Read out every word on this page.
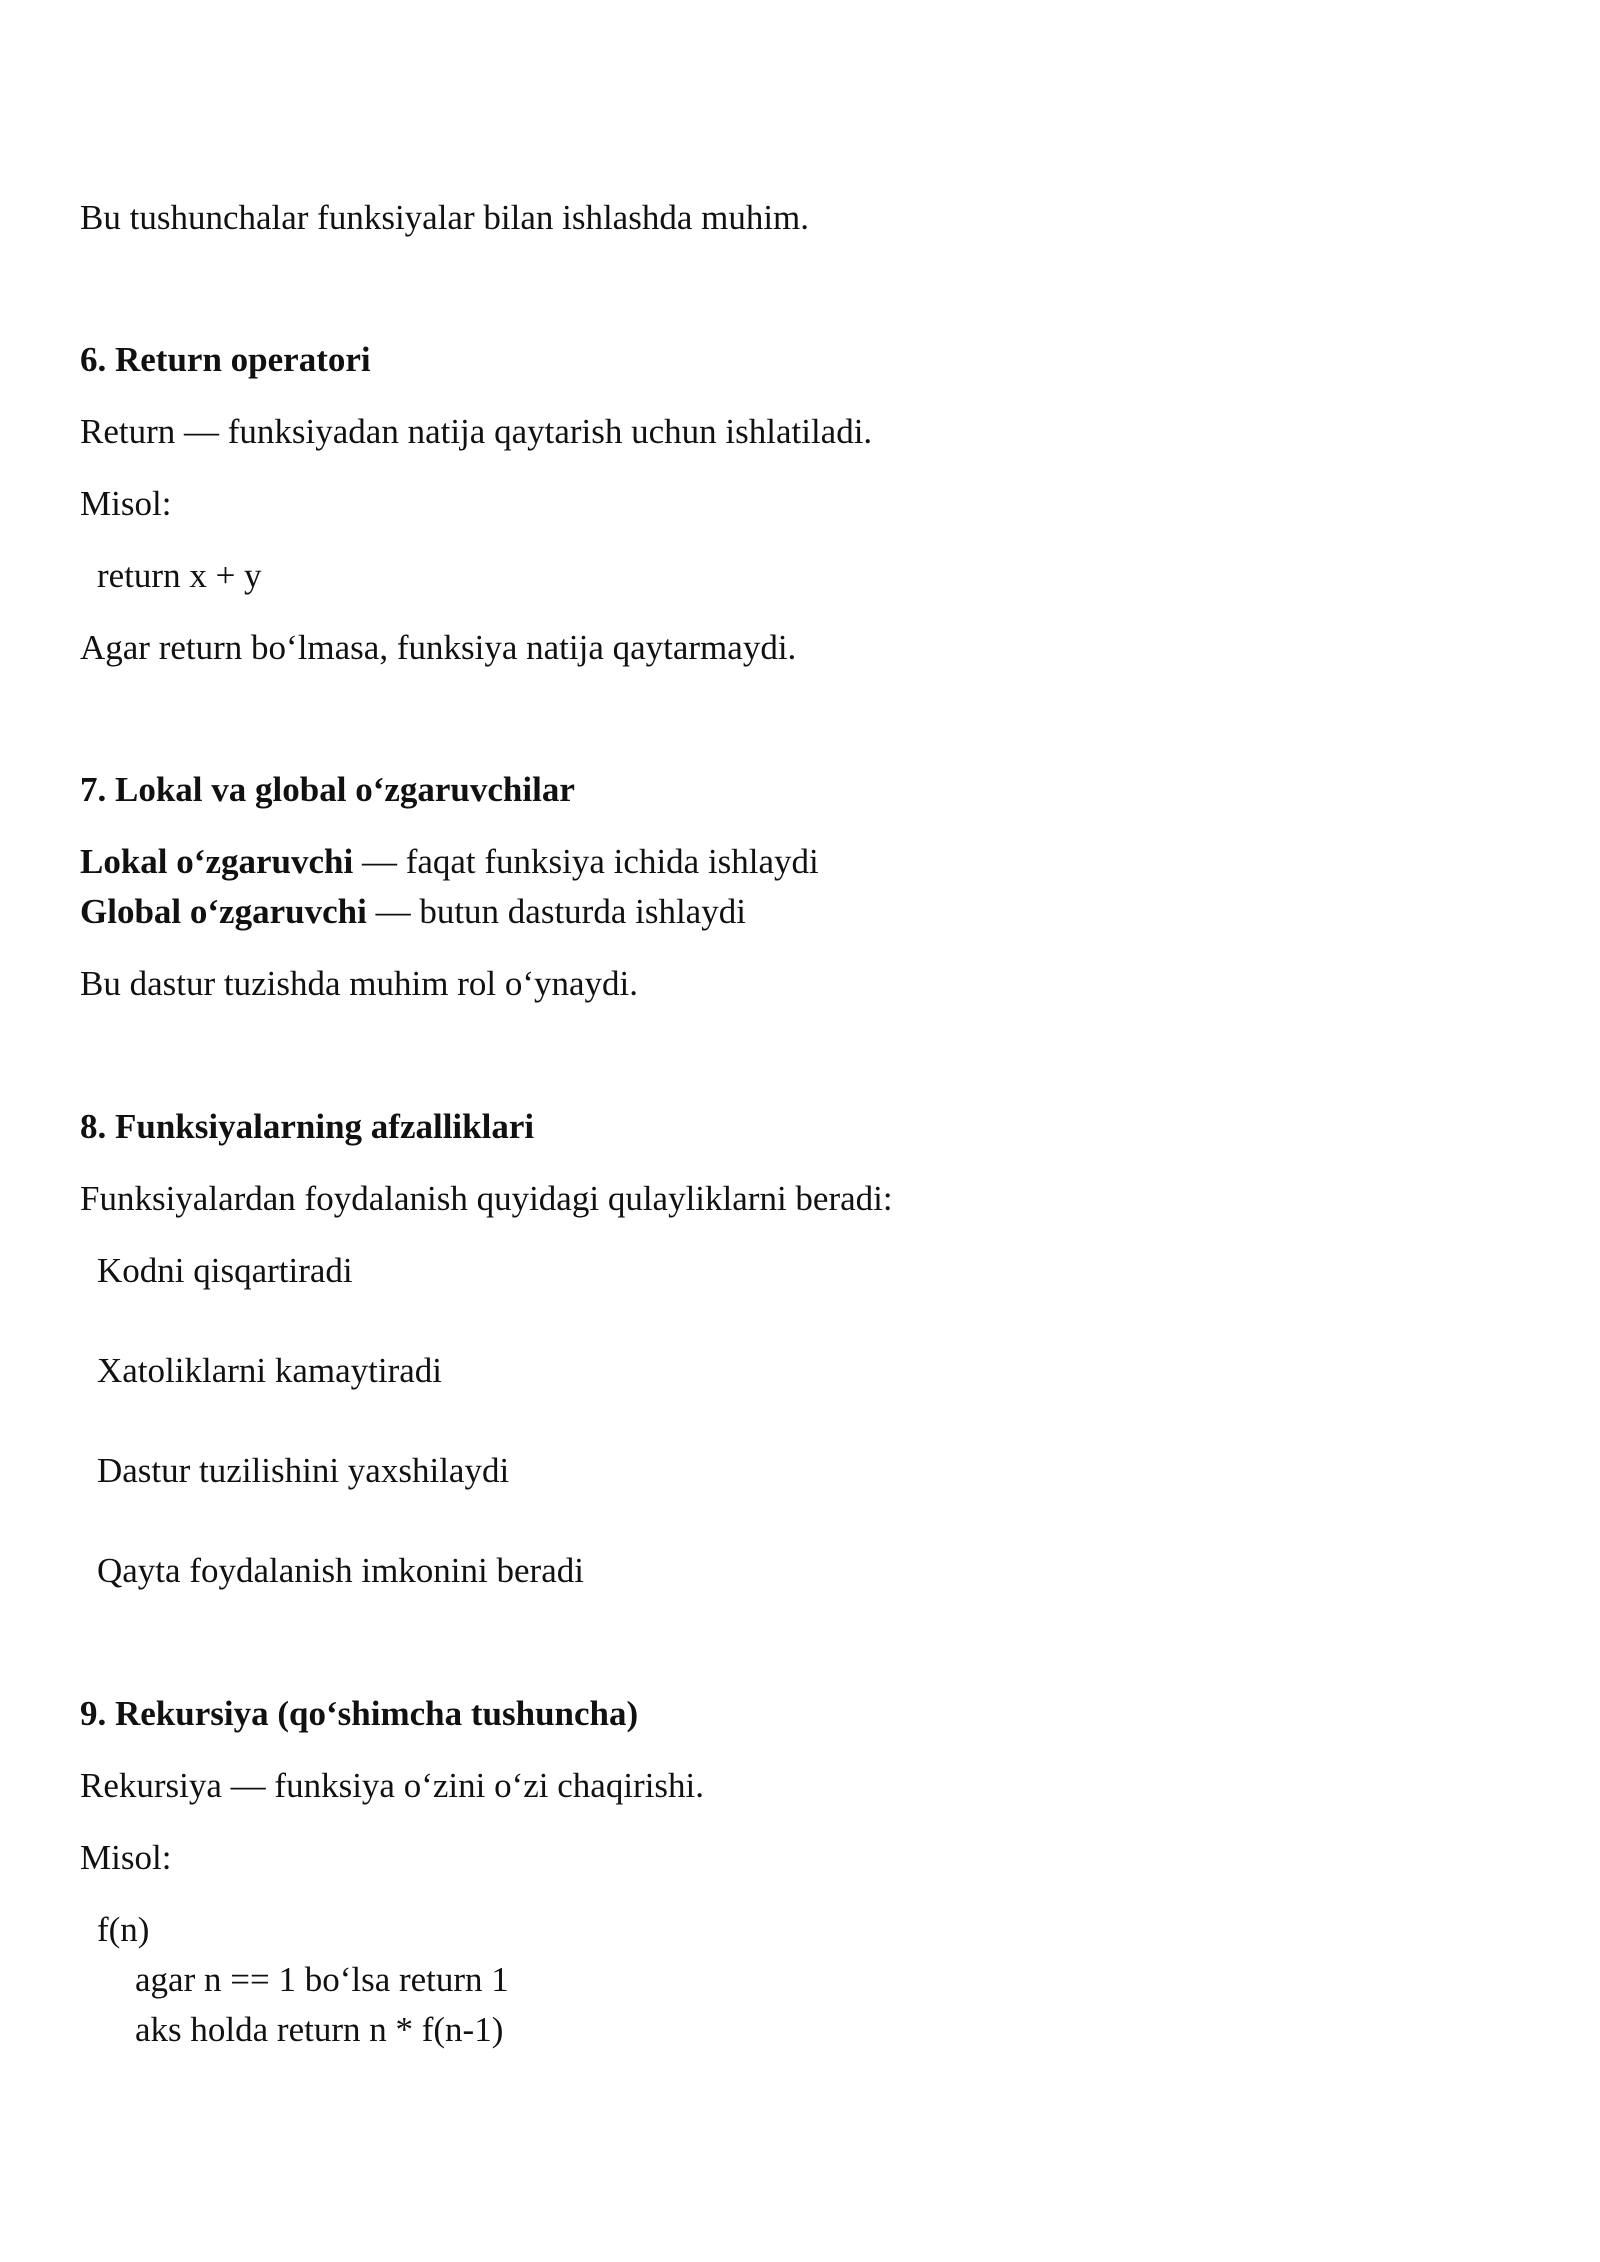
Bu tushunchalar funksiyalar bilan ishlashda muhim.

6. Return operatori

Return — funksiyadan natija qaytarish uchun ishlatiladi.

Misol:

return x + y

Agar return bo‘lmasa, funksiya natija qaytarmaydi.

7. Lokal va global o‘zgaruvchilar

Lokal o‘zgaruvchi — faqat funksiya ichida ishlaydi

Global o‘zgaruvchi — butun dasturda ishlaydi

Bu dastur tuzishda muhim rol o‘ynaydi.

8. Funksiyalarning afzalliklari

Funksiyalardan foydalanish quyidagi qulayliklarni beradi:

Kodni qisqartiradi

Xatoliklarni kamaytiradi

Dastur tuzilishini yaxshilaydi

Qayta foydalanish imkonini beradi

9. Rekursiya (qo‘shimcha tushuncha)

Rekursiya — funksiya o‘zini o‘zi chaqirishi.

Misol:

f(n)

agar n == 1 bo‘lsa return 1

aks holda return n * f(n-1)
